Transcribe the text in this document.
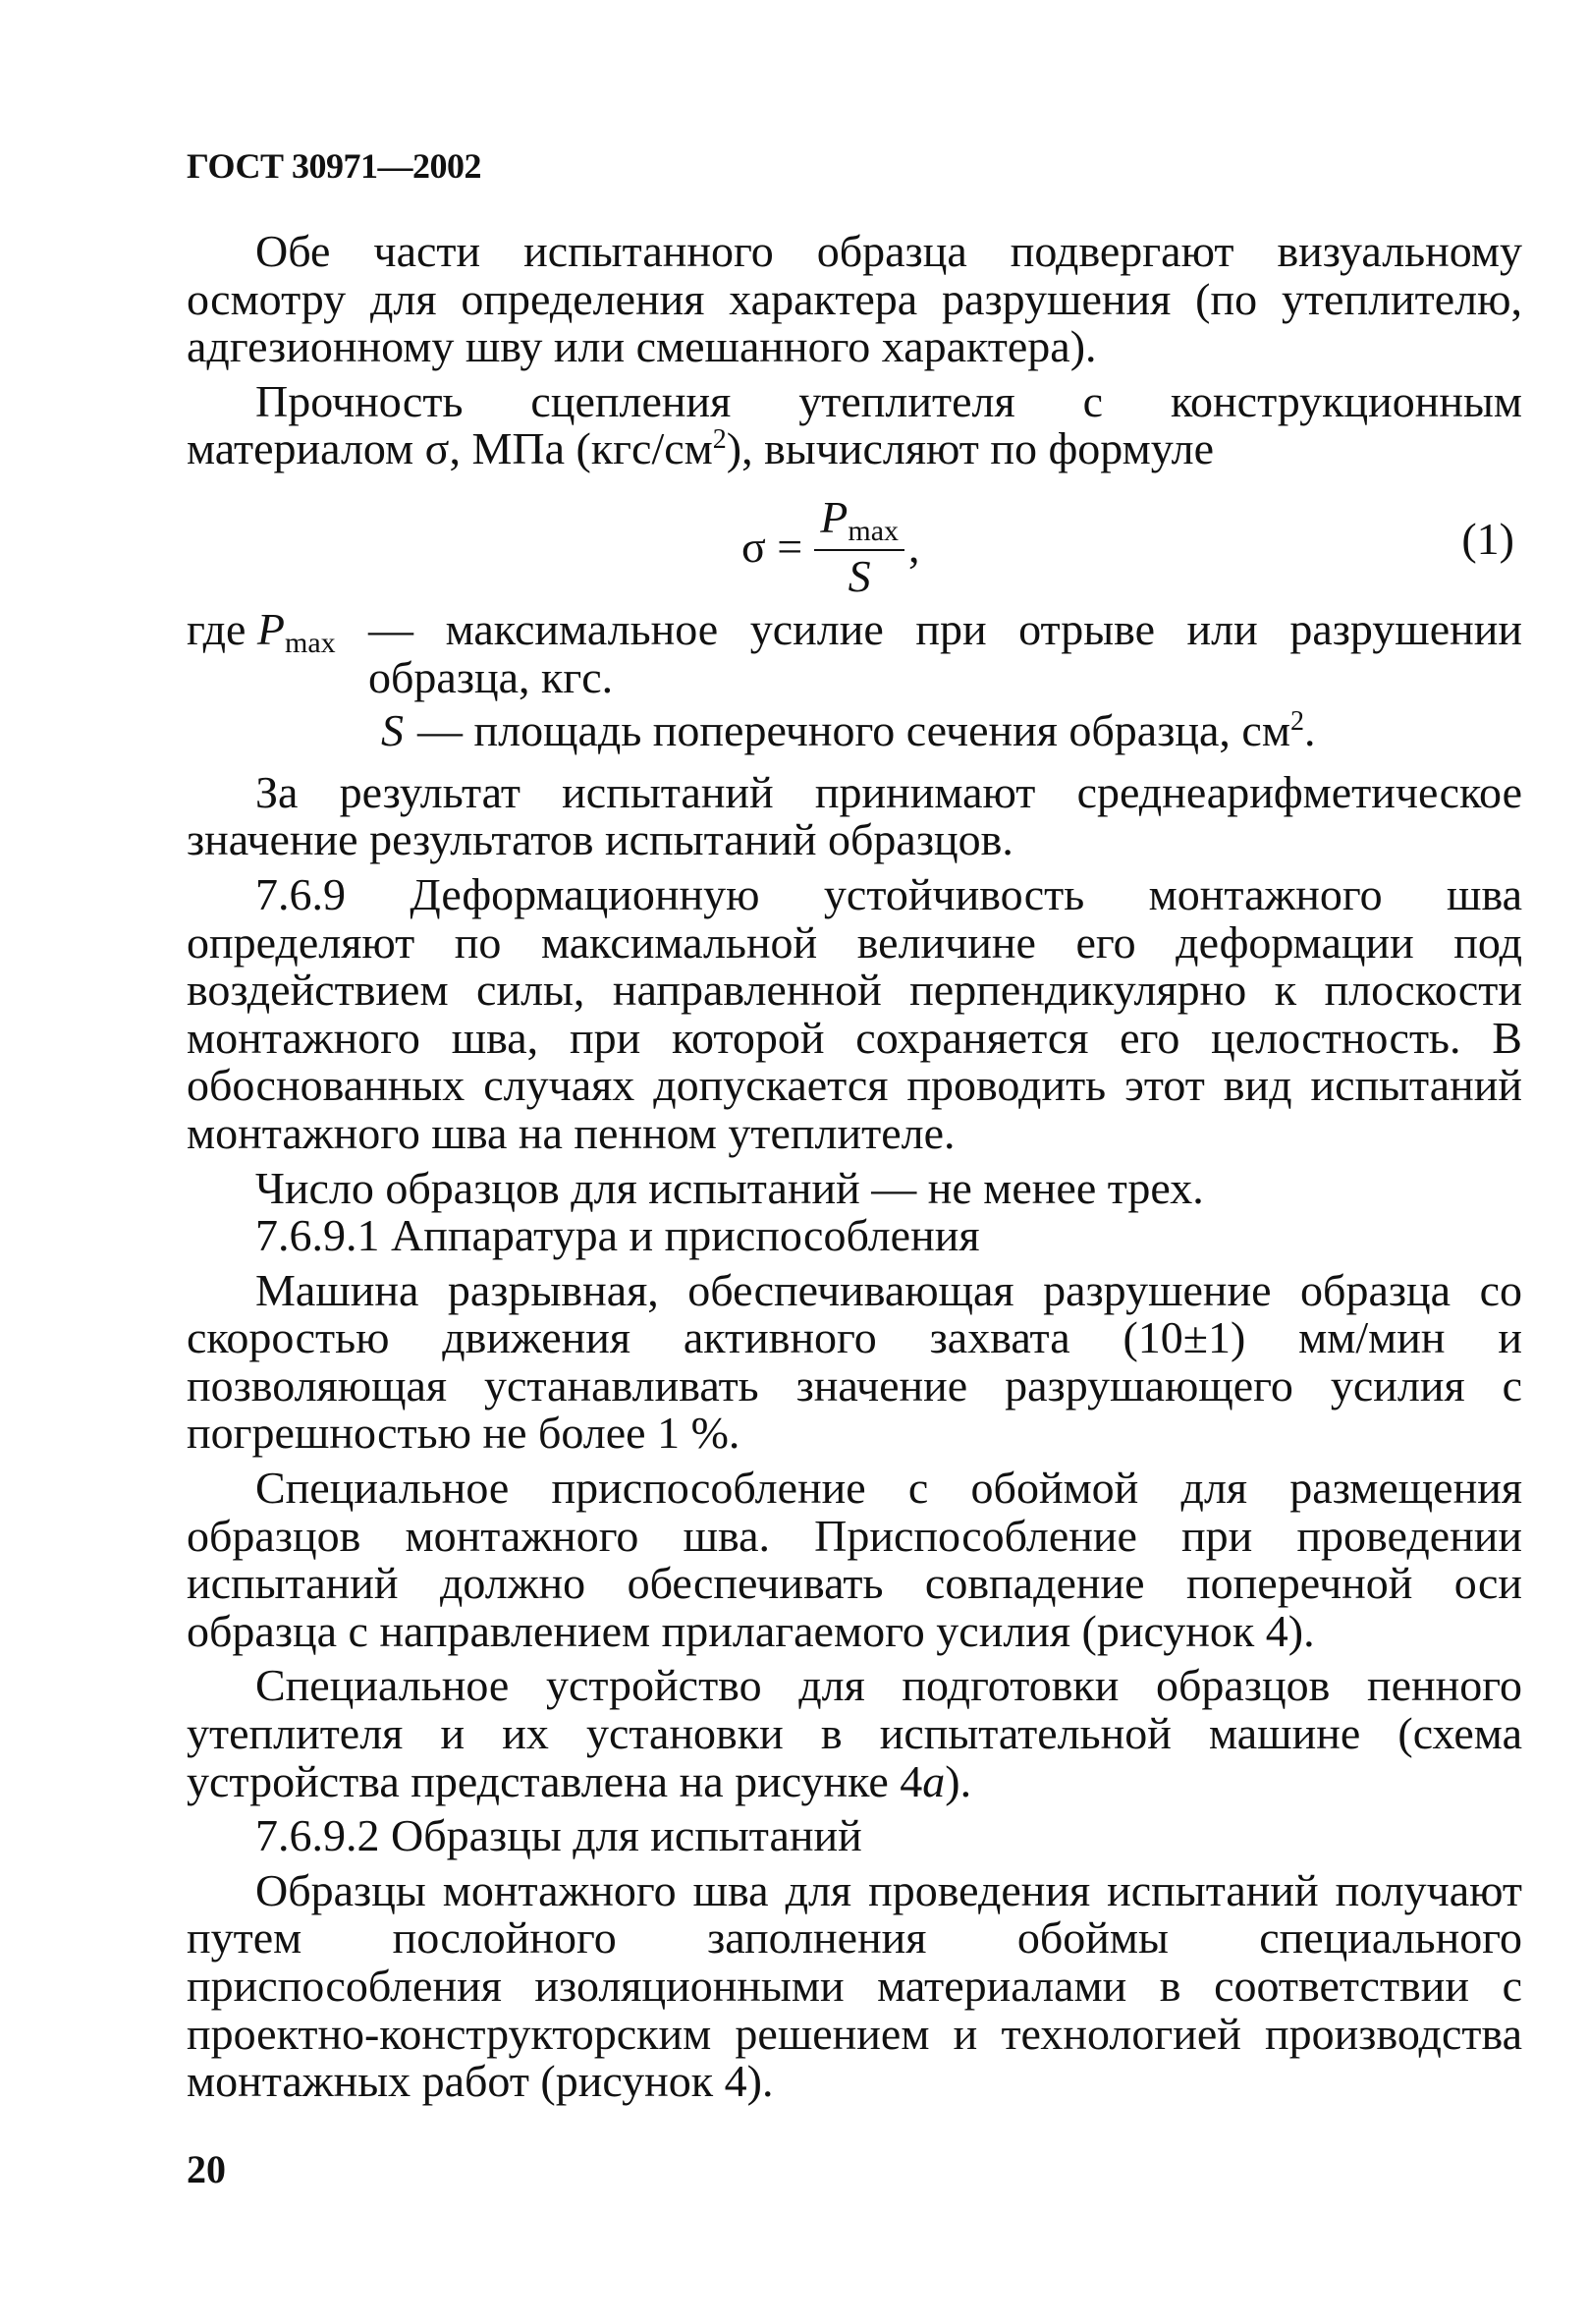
ГОСТ 30971—2002

Обе части испытанного образца подвергают визуальному осмотру для определения характера разрушения (по утеплителю, адгезионному шву или смешанного характера).

Прочность сцепления утеплителя с конструкционным материалом σ, МПа $(кгс/см^2)$, вычисляют по формуле

$\sigma = \frac{Pmax}{S}$ ,	(1)
где Pmax — максимальное усилие при отрыве или разрушении образца, кгс.
S — площадь поперечного сечения образца, $см^2$.

За результат испытаний принимают среднеарифметическое значение результатов испытаний образцов.

7.6.9 Деформационную устойчивость монтажного шва определяют по максимальной величине его деформации под воздействием силы, направленной перпендикулярно к плоскости монтажного шва, при которой сохраняется его целостность. В обоснованных случаях допускается проводить этот вид испытаний монтажного шва на пенном утеплителе.

Число образцов для испытаний — не менее трех.

7.6.9.1 Аппаратура и приспособления

Машина разрывная, обеспечивающая разрушение образца со скоростью движения активного захвата (10±1) мм/мин и позволяющая устанавливать значение разрушающего усилия с погрешностью не более 1 %.

Специальное приспособление с обоймой для размещения образцов монтажного шва. Приспособление при проведении испытаний должно обеспечивать совпадение поперечной оси образца с направлением прилагаемого усилия (рисунок 4).

Специальное устройство для подготовки образцов пенного утеплителя и их установки в испытательной машине (схема устройства представлена на рисунке 4а).

7.6.9.2 Образцы для испытаний

Образцы монтажного шва для проведения испытаний получают путем послойного заполнения обоймы специального приспособления изоляционными материалами в соответствии с проектно-конструкторским решением и технологией производства монтажных работ (рисунок 4).

20
